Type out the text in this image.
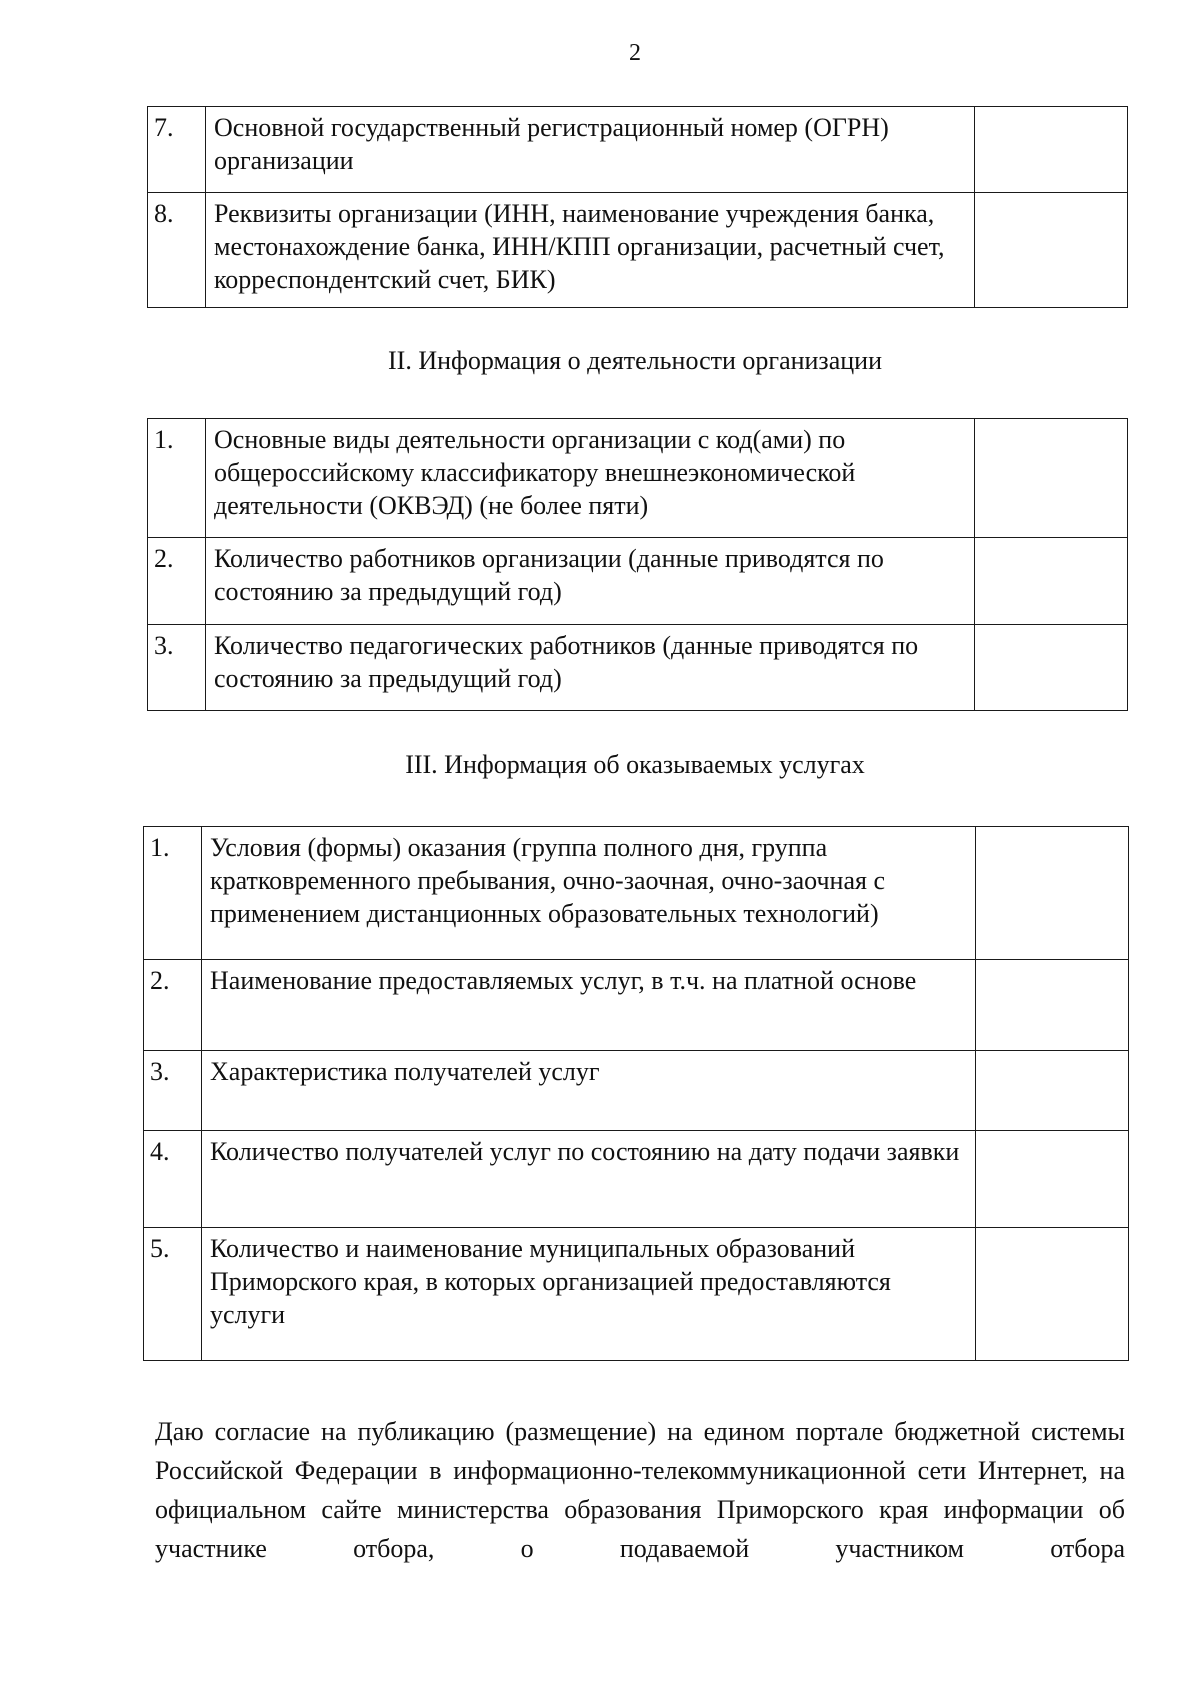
2
7.	Основной государственный регистрационный номер (ОГРН) организации	
8.	Реквизиты организации (ИНН, наименование учреждения банка, местонахождение банка, ИНН/КПП организации, расчетный счет, корреспондентский счет, БИК)	
II. Информация о деятельности организации
1.	Основные виды деятельности организации с код(ами) по общероссийскому классификатору внешнеэкономической деятельности (ОКВЭД) (не более пяти)	
2.	Количество работников организации (данные приводятся по состоянию за предыдущий год)	
3.	Количество педагогических работников (данные приводятся по состоянию за предыдущий год)	
III. Информация об оказываемых услугах
1.	Условия (формы) оказания (группа полного дня, группа кратковременного пребывания, очно-заочная, очно-заочная с применением дистанционных образовательных технологий)	
2.	Наименование предоставляемых услуг, в т.ч. на платной основе	
3.	Характеристика получателей услуг	
4.	Количество получателей услуг по состоянию на дату подачи заявки	
5.	Количество и наименование муниципальных образований Приморского края, в которых организацией предоставляются услуги	
Даю согласие на публикацию (размещение) на едином портале бюджетной системы Российской Федерации в информационно-телекоммуникационной сети Интернет, на официальном сайте министерства образования Приморского края информации об участнике отбора, о подаваемой участником отбора
